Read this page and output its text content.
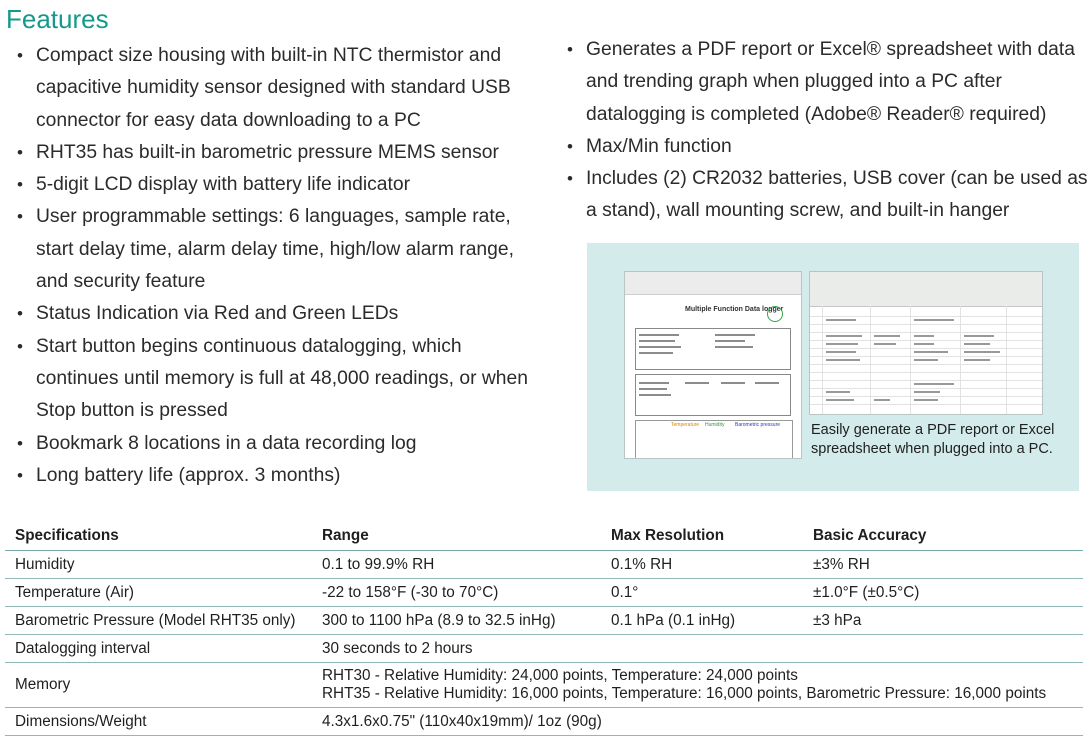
Features
• Compact size housing with built-in NTC thermistor and capacitive humidity sensor designed with standard USB connector for easy data downloading to a PC
• RHT35 has built-in barometric pressure MEMS sensor
• 5-digit LCD display with battery life indicator
• User programmable settings: 6 languages, sample rate, start delay time, alarm delay time, high/low alarm range, and security feature
• Status Indication via Red and Green LEDs
• Start button begins continuous datalogging, which continues until memory is full at 48,000 readings, or when Stop button is pressed
• Bookmark 8 locations in a data recording log
• Long battery life (approx. 3 months)
• Generates a PDF report or Excel® spreadsheet with data and trending graph when plugged into a PC after datalogging is completed (Adobe® Reader® required)
• Max/Min function
• Includes (2) CR2032 batteries, USB cover (can be used as a stand), wall mounting screw, and built-in hanger
Multiple Function Data logger
Temperature Humidity Barometric pressure Easily generate a PDF report or Excel spreadsheet when plugged into a PC.
Specifications	Range	Max Resolution	Basic Accuracy
Humidity	0.1 to 99.9% RH	0.1% RH	±3% RH
Temperature (Air)	-22 to 158°F (-30 to 70°C)	0.1°	±1.0°F (±0.5°C)
Barometric Pressure (Model RHT35 only)	300 to 1100 hPa (8.9 to 32.5 inHg)	0.1 hPa (0.1 inHg)	±3 hPa
Datalogging interval	30 seconds to 2 hours		
Memory	RHT30 - Relative Humidity: 24,000 points, Temperature: 24,000 points
RHT35 - Relative Humidity: 16,000 points, Temperature: 16,000 points, Barometric Pressure: 16,000 points		

Dimensions/Weight	4.3x1.6x0.75" (110x40x19mm)/ 1oz (90g)		
